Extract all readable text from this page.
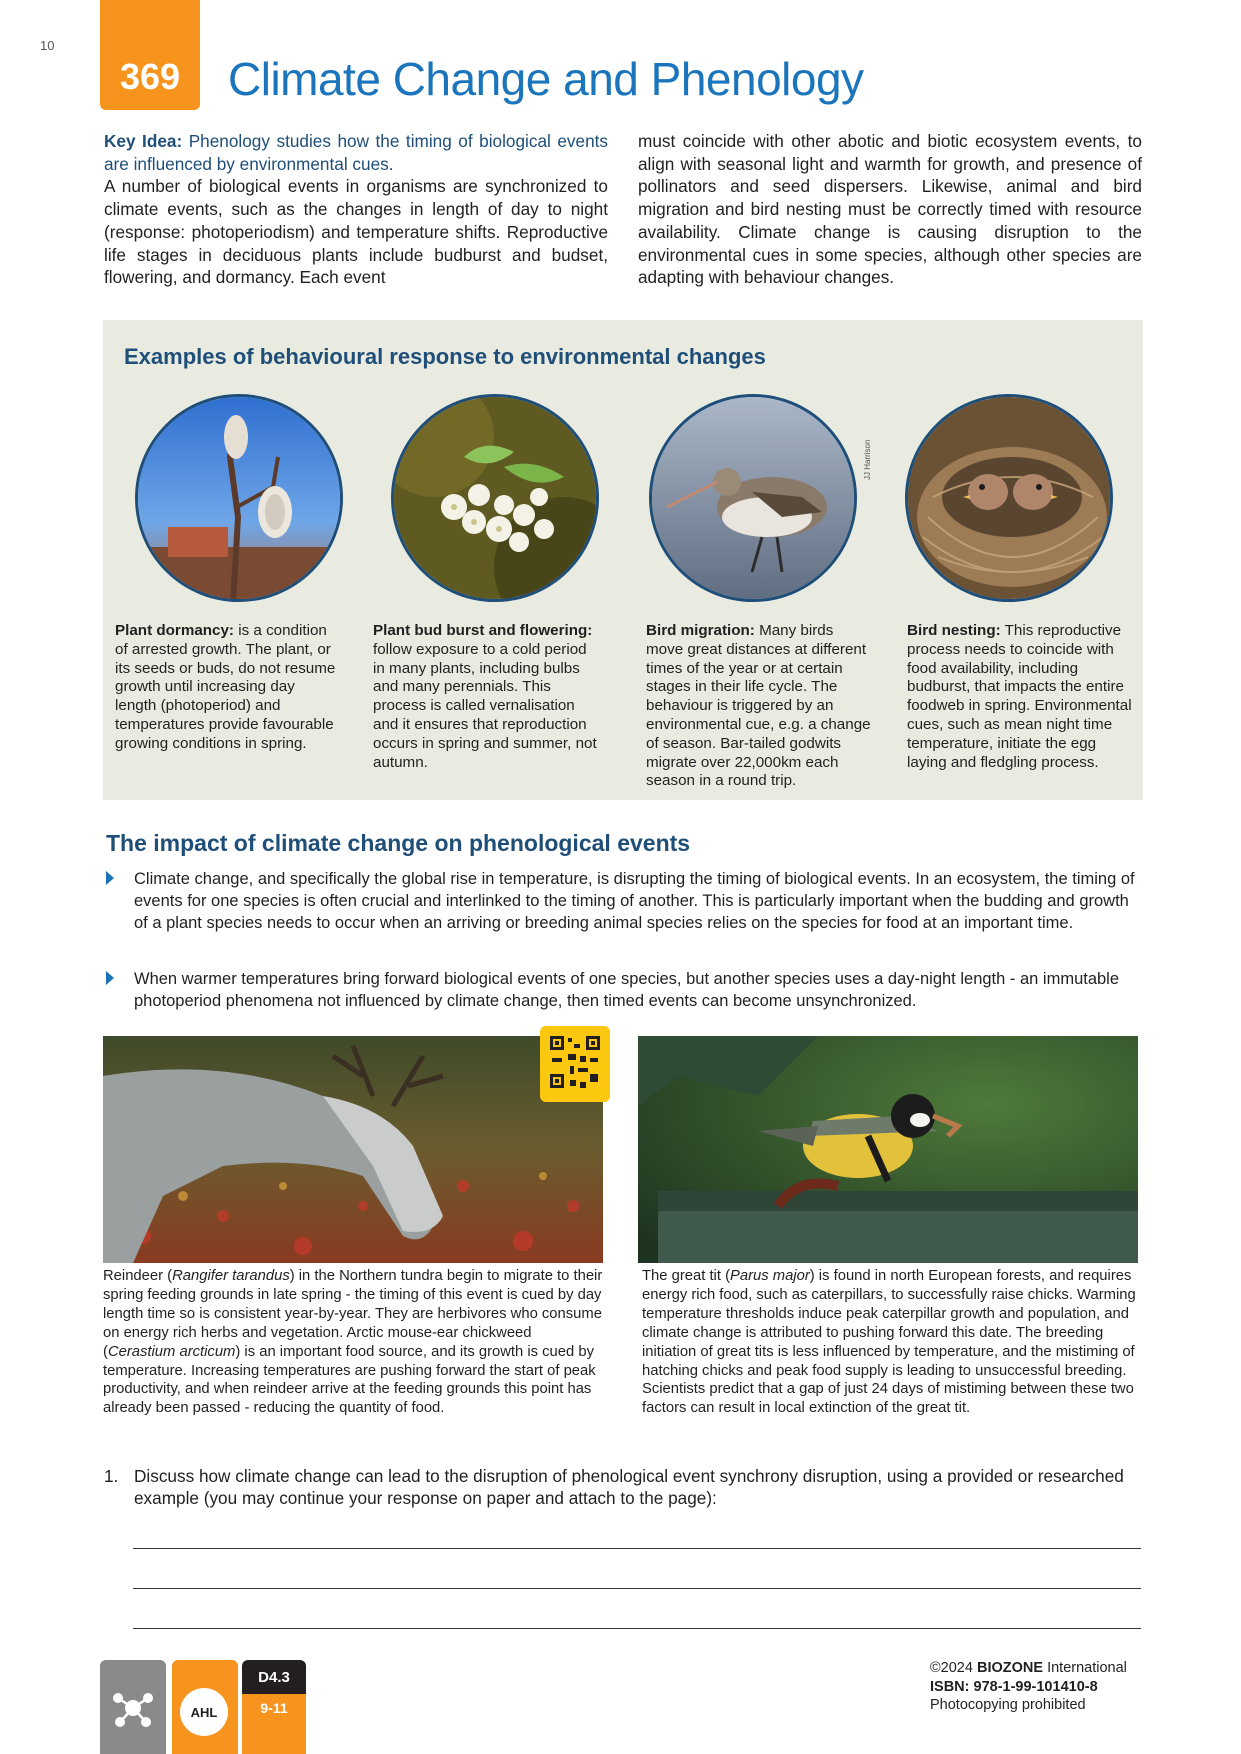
10
369	Climate Change and Phenology
Key Idea: Phenology studies how the timing of biological events are influenced by environmental cues.
A number of biological events in organisms are synchronized to climate events, such as the changes in length of day to night (response: photoperiodism) and temperature shifts. Reproductive life stages in deciduous plants include budburst and budset, flowering, and dormancy. Each event
must coincide with other abotic and biotic ecosystem events, to align with seasonal light and warmth for growth, and presence of pollinators and seed dispersers. Likewise, animal and bird migration and bird nesting must be correctly timed with resource availability. Climate change is causing disruption to the environmental cues in some species, although other species are adapting with behaviour changes.
Examples of behavioural response to environmental changes
JJ Harrison
Plant dormancy: is a condition of arrested growth. The plant, or its seeds or buds, do not resume growth until increasing day length (photoperiod) and temperatures provide favourable growing conditions in spring.
Plant bud burst and flowering: follow exposure to a cold period in many plants, including bulbs and many perennials. This process is called vernalisation and it ensures that reproduction occurs in spring and summer, not autumn.
Bird migration: Many birds move great distances at different times of the year or at certain stages in their life cycle. The behaviour is triggered by an environmental cue, e.g. a change of season. Bar-tailed godwits migrate over 22,000km each season in a round trip.
Bird nesting: This reproductive process needs to coincide with food availability, including budburst, that impacts the entire foodweb in spring. Environmental cues, such as mean night time temperature, initiate the egg laying and fledgling process.
The impact of climate change on phenological events
Climate change, and specifically the global rise in temperature, is disrupting the timing of biological events. In an ecosystem, the timing of events for one species is often crucial and interlinked to the timing of another. This is particularly important when the budding and growth of a plant species needs to occur when an arriving or breeding animal species relies on the species for food at an important time.
When warmer temperatures bring forward biological events of one species, but another species uses a day-night length - an immutable photoperiod phenomena not influenced by climate change, then timed events can become unsynchronized.
Reindeer (Rangifer tarandus) in the Northern tundra begin to migrate to their spring feeding grounds in late spring - the timing of this event is cued by day length time so is consistent year-by-year. They are herbivores who consume on energy rich herbs and vegetation. Arctic mouse-ear chickweed (Cerastium arcticum) is an important food source, and its growth is cued by temperature. Increasing temperatures are pushing forward the start of peak productivity, and when reindeer arrive at the feeding grounds this point has already been passed - reducing the quantity of food.
The great tit (Parus major) is found in north European forests, and requires energy rich food, such as caterpillars, to successfully raise chicks. Warming temperature thresholds induce peak caterpillar growth and population, and climate change is attributed to pushing forward this date. The breeding initiation of great tits is less influenced by temperature, and the mistiming of hatching chicks and peak food supply is leading to unsuccessful breeding. Scientists predict that a gap of just 24 days of mistiming between these two factors can result in local extinction of the great tit.
1. Discuss how climate change can lead to the disruption of phenological event synchrony disruption, using a provided or researched example (you may continue your response on paper and attach to the page):
AHL
D4.3
9-11
©2024 BIOZONE International
ISBN: 978-1-99-101410-8
Photocopying prohibited
